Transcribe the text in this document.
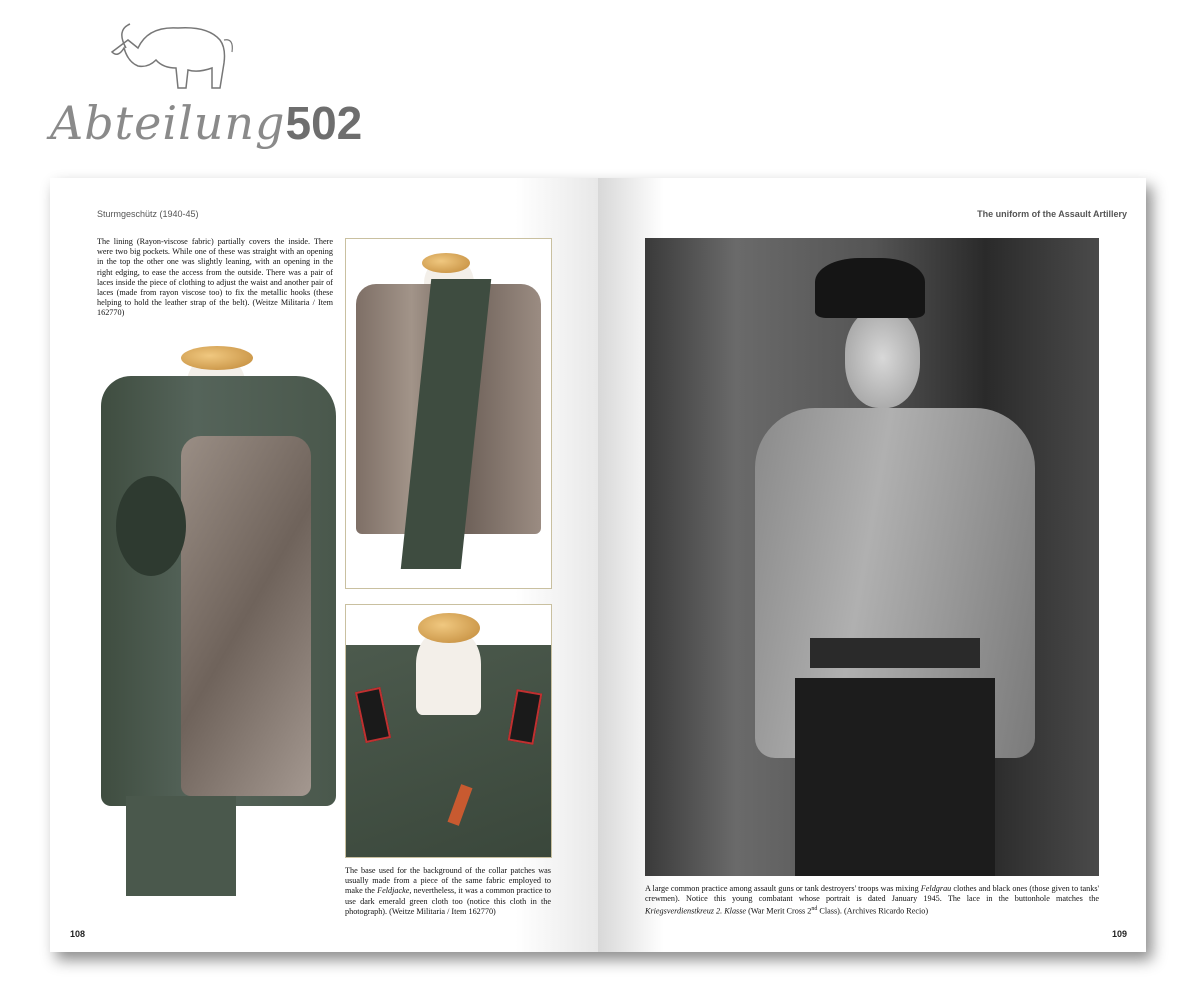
Abteilung502
Sturmgeschütz (1940-45)
The lining (Rayon-viscose fabric) partially covers the inside. There were two big pockets. While one of these was straight with an opening in the top the other one was slightly leaning, with an opening in the right edging, to ease the access from the outside. There was a pair of laces inside the piece of clothing to adjust the waist and another pair of laces (made from rayon viscose too) to fix the metallic hooks (these helping to hold the leather strap of the belt). (Weitze Militaria / Item 162770)
The base used for the background of the collar patches was usually made from a piece of the same fabric employed to make the Feldjacke, nevertheless, it was a common practice to use dark emerald green cloth too (notice this cloth in the photograph). (Weitze Militaria / Item 162770)
108
The uniform of the Assault Artillery
A large common practice among assault guns or tank destroyers' troops was mixing Feldgrau clothes and black ones (those given to tanks' crewmen). Notice this young combatant whose portrait is dated January 1945. The lace in the buttonhole matches the Kriegsverdienstkreuz 2. Klasse (War Merit Cross 2nd Class). (Archives Ricardo Recio)
109
